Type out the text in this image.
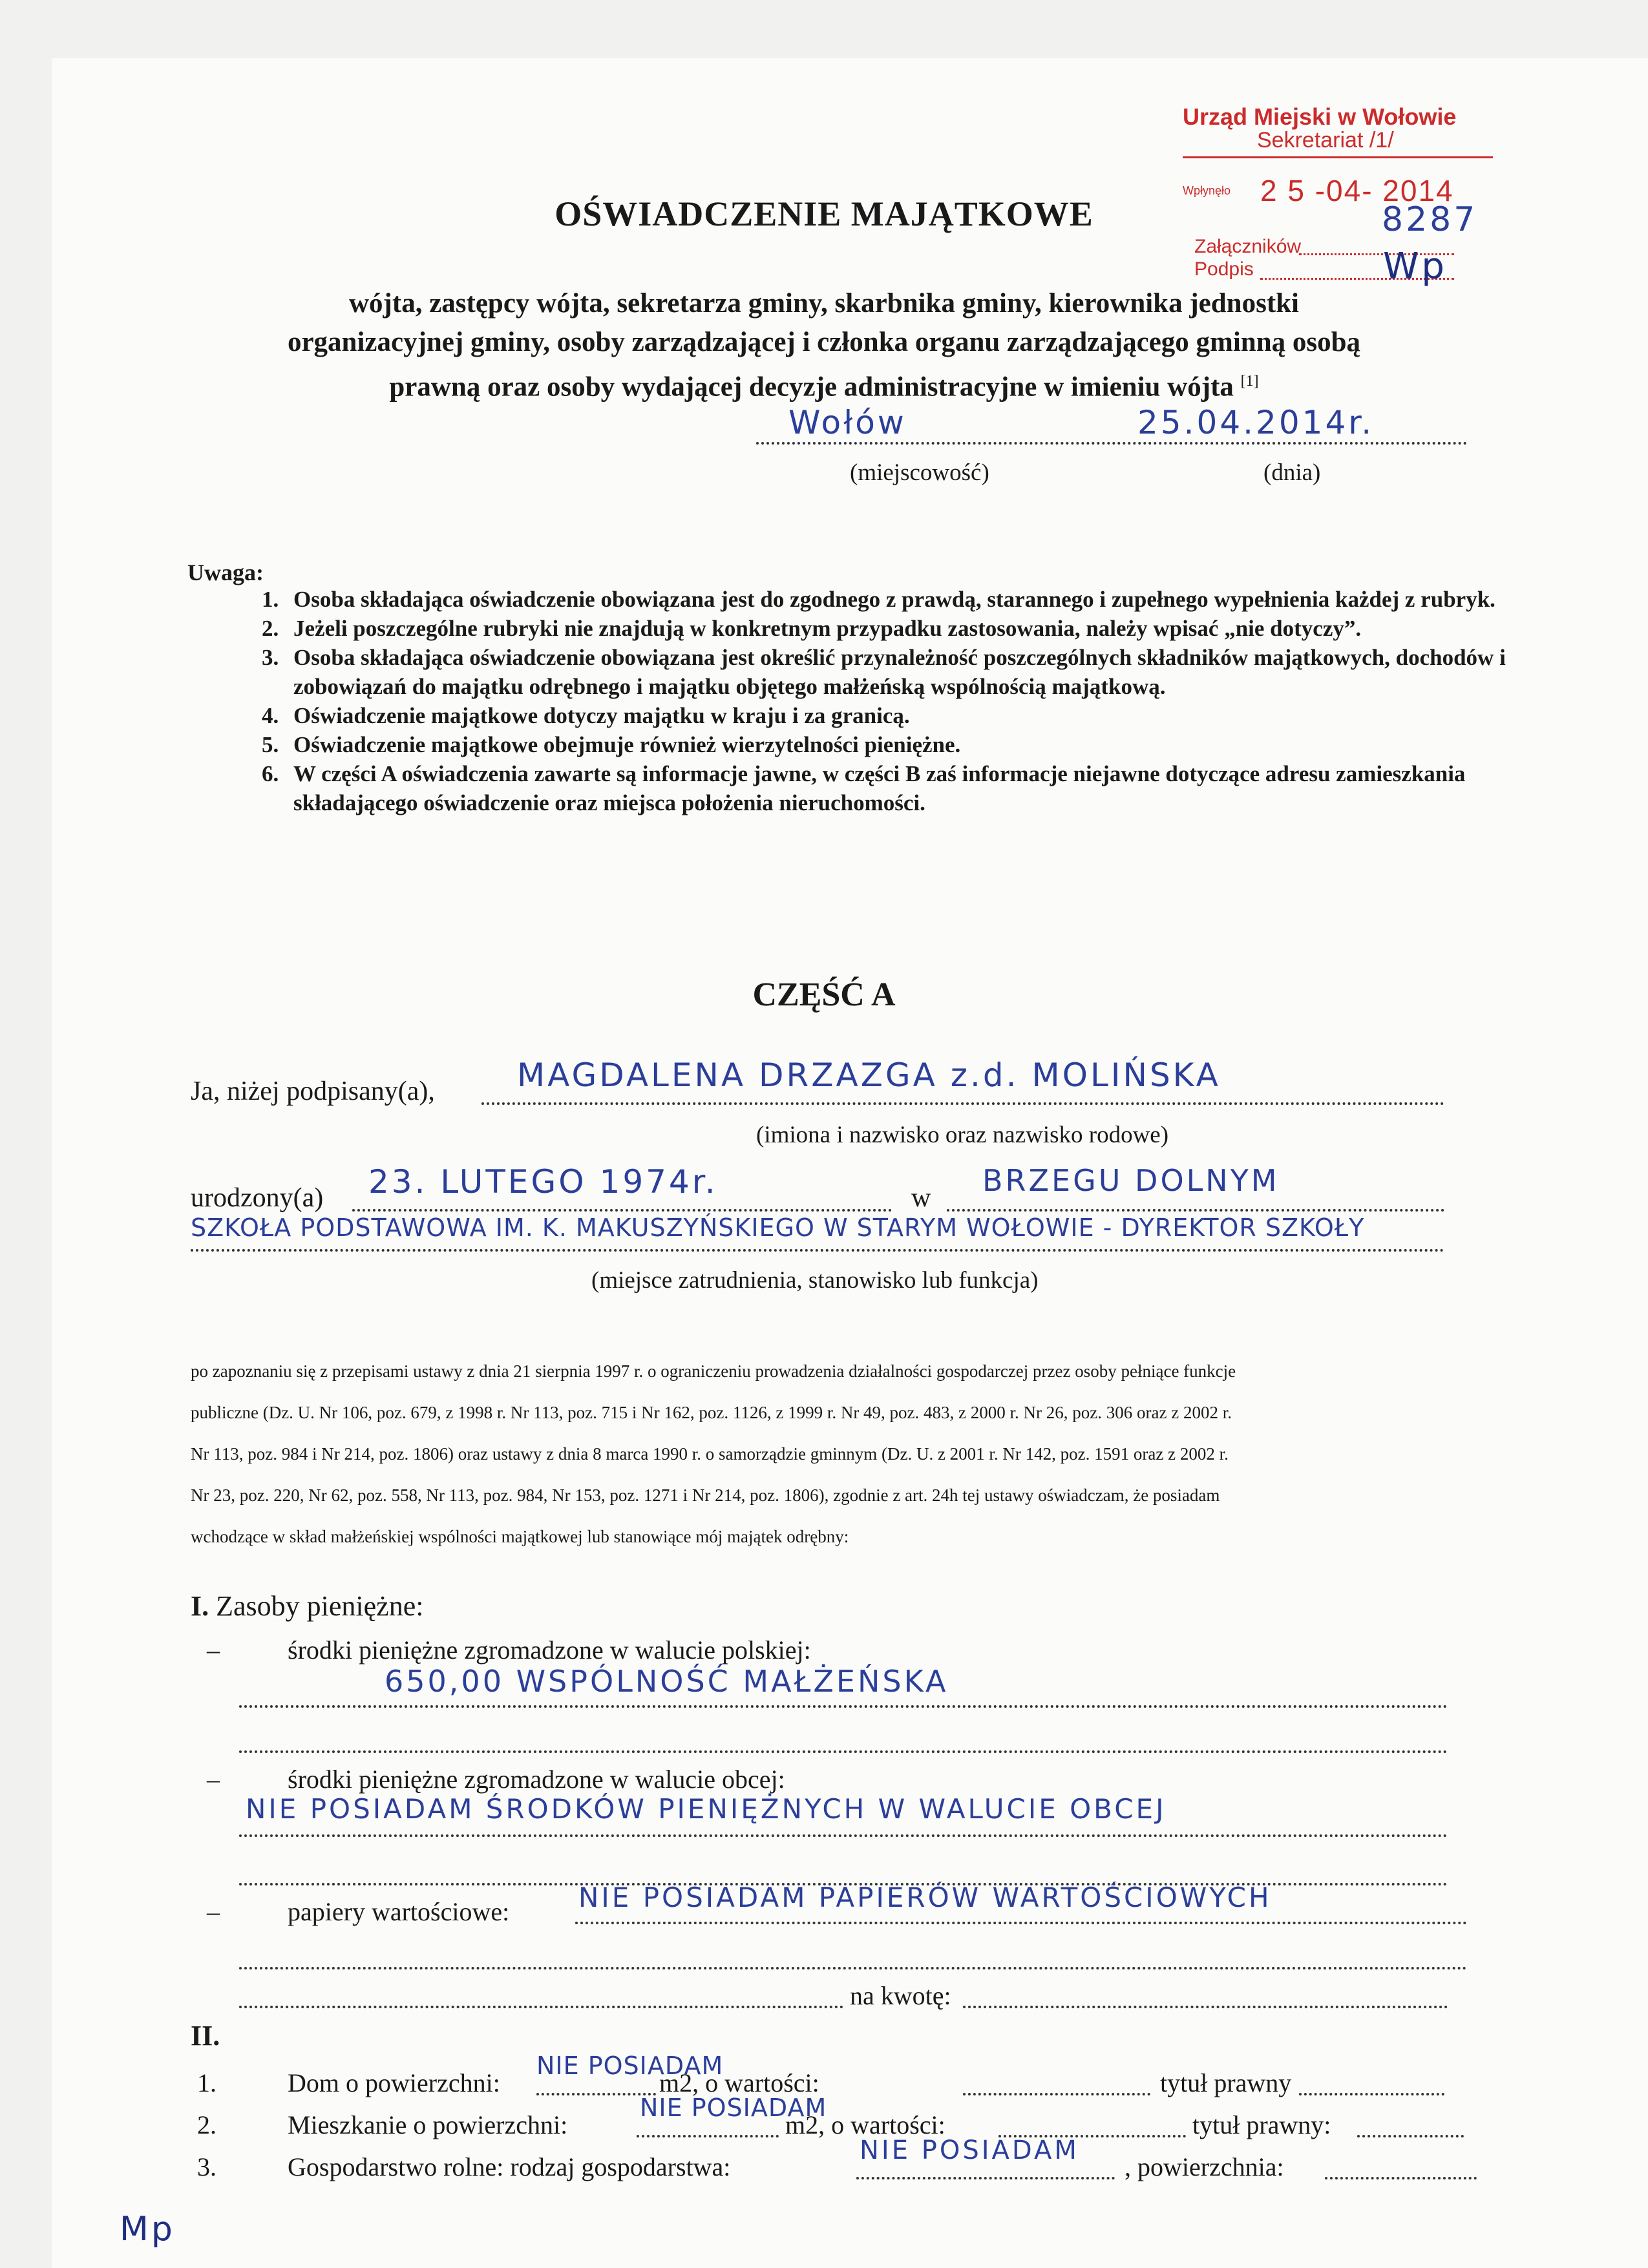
Urząd Miejski w Wołowie
Sekretariat /1/
Wpłynęło 2 5 -04- 2014
8287
Załączników
Podpis	Wp
OŚWIADCZENIE MAJĄTKOWE
wójta, zastępcy wójta, sekretarza gminy, skarbnika gminy, kierownika jednostki
organizacyjnej gminy, osoby zarządzającej i członka organu zarządzającego gminną osobą
prawną oraz osoby wydającej decyzje administracyjne w imieniu wójta [1]
Wołów	25.04.2014r.
(miejscowość)	(dnia)
Uwaga:
1. Osoba składająca oświadczenie obowiązana jest do zgodnego z prawdą, starannego i zupełnego wypełnienia każdej z rubryk.
2. Jeżeli poszczególne rubryki nie znajdują w konkretnym przypadku zastosowania, należy wpisać „nie dotyczy”.
3. Osoba składająca oświadczenie obowiązana jest określić przynależność poszczególnych składników majątkowych, dochodów i zobowiązań do majątku odrębnego i majątku objętego małżeńską wspólnością majątkową.
4. Oświadczenie majątkowe dotyczy majątku w kraju i za granicą.
5. Oświadczenie majątkowe obejmuje również wierzytelności pieniężne.
6. W części A oświadczenia zawarte są informacje jawne, w części B zaś informacje niejawne dotyczące adresu zamieszkania składającego oświadczenie oraz miejsca położenia nieruchomości.
CZĘŚĆ A
Ja, niżej podpisany(a),	MAGDALENA DRZAZGA z.d. MOLIŃSKA
(imiona i nazwisko oraz nazwisko rodowe)
urodzony(a) 23. LUTEGO 1974r.	w BRZEGU DOLNYM
SZKOŁA PODSTAWOWA IM. K. MAKUSZYŃSKIEGO W STARYM WOŁOWIE - DYREKTOR SZKOŁY
(miejsce zatrudnienia, stanowisko lub funkcja)
po zapoznaniu się z przepisami ustawy z dnia 21 sierpnia 1997 r. o ograniczeniu prowadzenia działalności gospodarczej przez osoby pełniące funkcje
publiczne (Dz. U. Nr 106, poz. 679, z 1998 r. Nr 113, poz. 715 i Nr 162, poz. 1126, z 1999 r. Nr 49, poz. 483, z 2000 r. Nr 26, poz. 306 oraz z 2002 r.
Nr 113, poz. 984 i Nr 214, poz. 1806) oraz ustawy z dnia 8 marca 1990 r. o samorządzie gminnym (Dz. U. z 2001 r. Nr 142, poz. 1591 oraz z 2002 r.
Nr 23, poz. 220, Nr 62, poz. 558, Nr 113, poz. 984, Nr 153, poz. 1271 i Nr 214, poz. 1806), zgodnie z art. 24h tej ustawy oświadczam, że posiadam
wchodzące w skład małżeńskiej wspólności majątkowej lub stanowiące mój majątek odrębny:
I. Zasoby pieniężne:
–	środki pieniężne zgromadzone w walucie polskiej:
650,00 WSPÓLNOŚĆ MAŁŻEŃSKA
–	środki pieniężne zgromadzone w walucie obcej:
NIE POSIADAM ŚRODKÓW PIENIĘŻNYCH W WALUCIE OBCEJ
–	papiery wartościowe:	NIE POSIADAM PAPIERÓW WARTOŚCIOWYCH
na kwotę:
II.
1.	Dom o powierzchni:
NIE POSIADAM
m2, o wartości:	tytuł prawny
2.	Mieszkanie o powierzchni:
NIE POSIADAM
m2, o wartości:	tytuł prawny:
3.	Gospodarstwo rolne: rodzaj gospodarstwa:
NIE POSIADAM
, powierzchnia:
Mp
